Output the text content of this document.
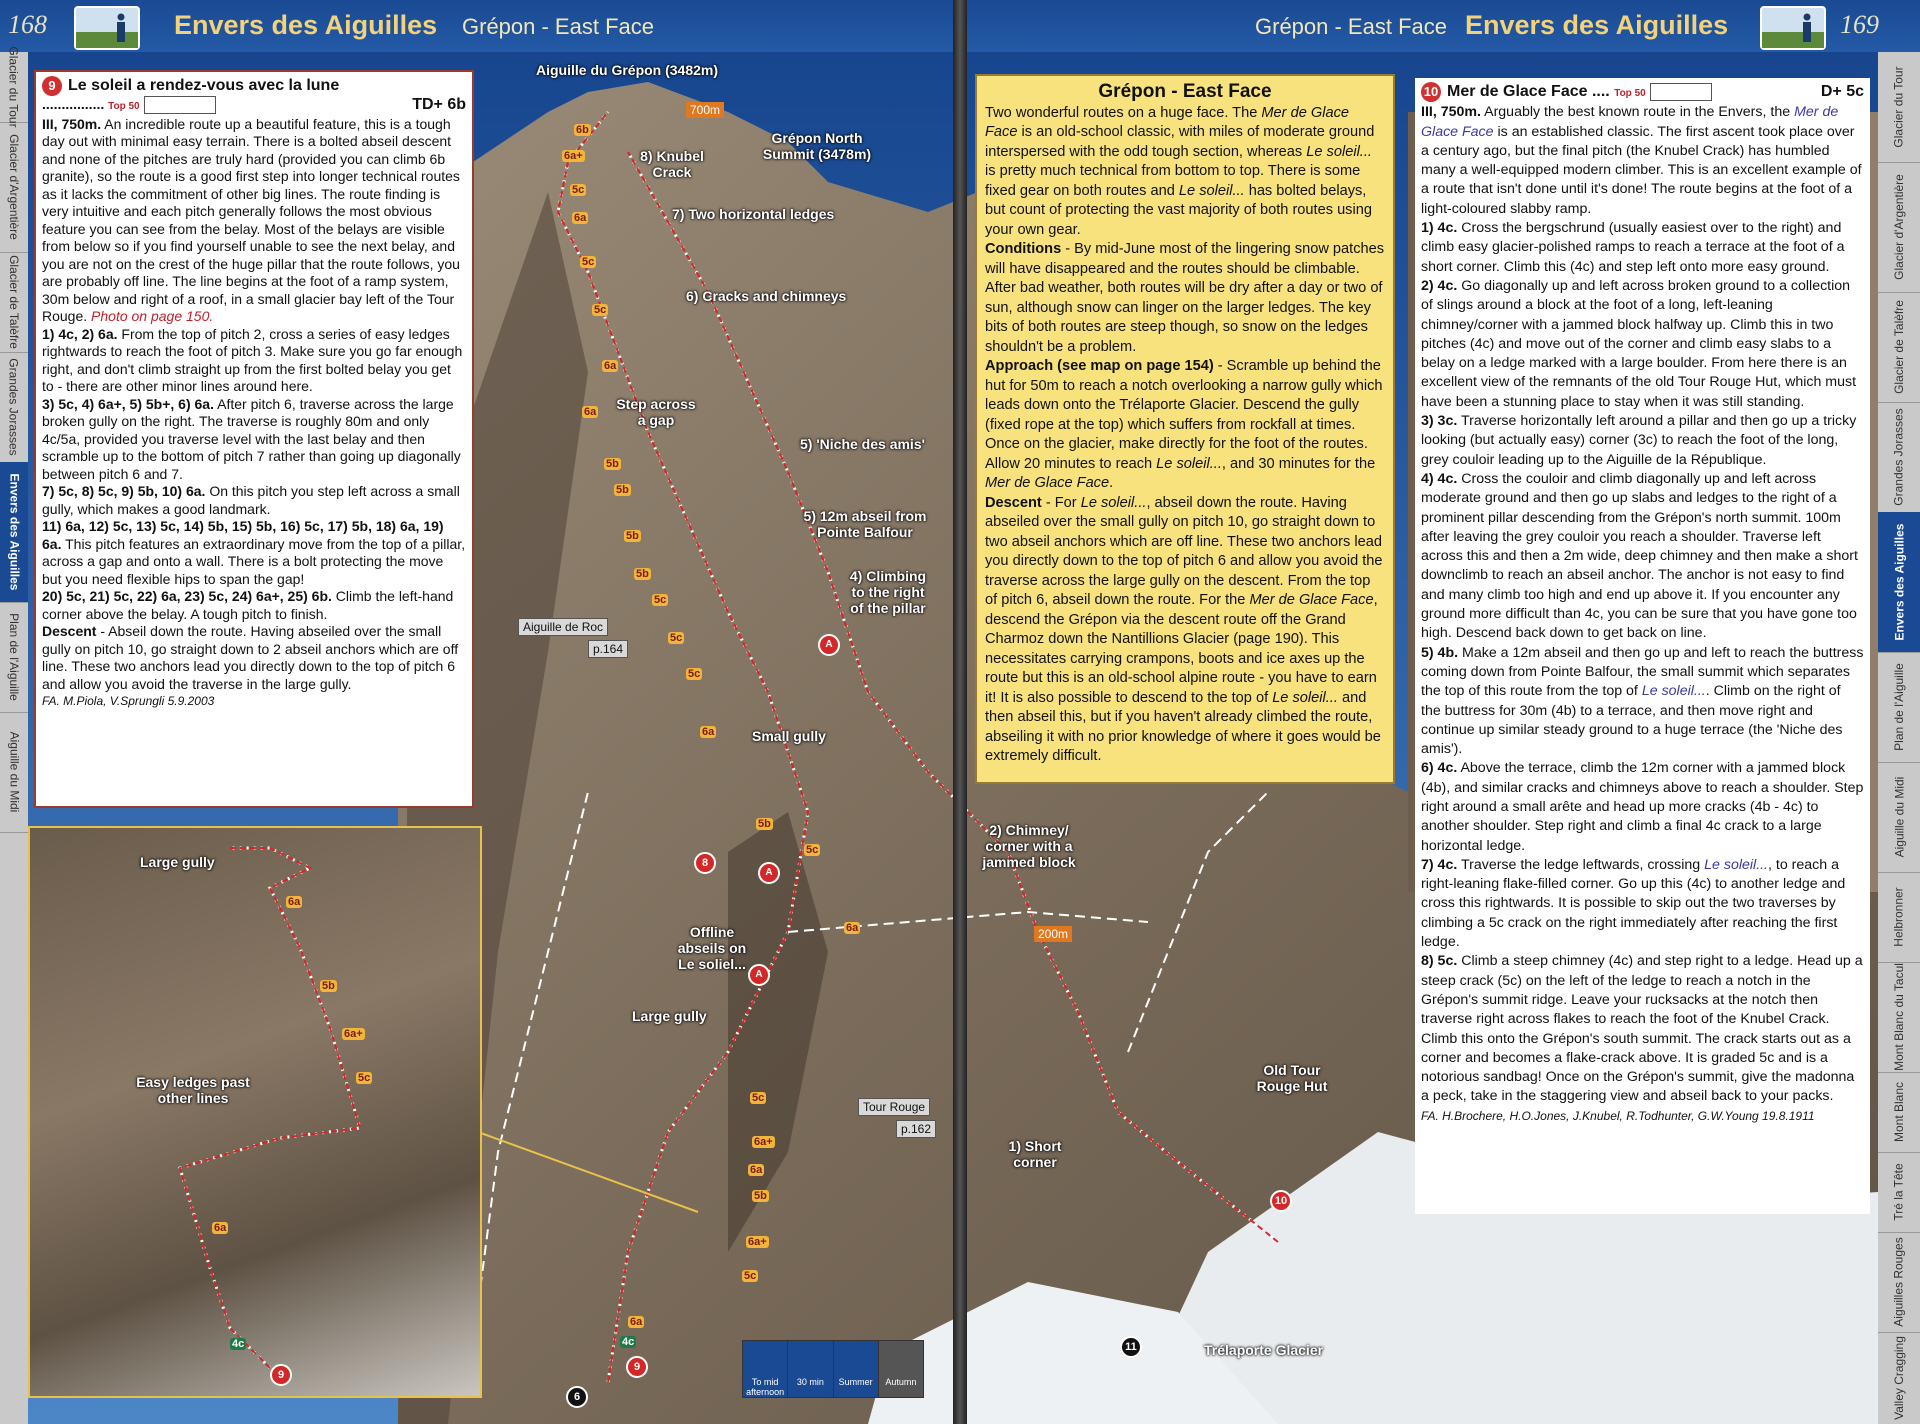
Large gully
Easy ledges past other lines
6a
5b
6a+
5c
6a
4c
9
168	Envers des Aiguilles Grépon - East Face	Grépon - East Face Envers des Aiguilles	169
Glacier du Tour
Glacier d'Argentière
Glacier de Talèfre
Grandes Jorasses
Envers des Aiguilles
Plan de l'Aiguille
Aiguille du Midi
Glacier du Tour
Glacier d'Argentière
Glacier de Talèfre
Grandes Jorasses
Envers des Aiguilles
Plan de l'Aiguille
Aiguille du Midi
Helbronner
Mont Blanc du Tacul
Mont Blanc
Tré la Tête
Aiguilles Rouges
Valley Cragging

9 Le soleil a rendez-vous avec la lune

................ Top 50	TD+ 6b

III, 750m. An incredible route up a beautiful feature, this is a tough day out with minimal easy terrain. There is a bolted abseil descent and none of the pitches are truly hard (provided you can climb 6b granite), so the route is a good first step into longer technical routes as it lacks the commitment of other big lines. The route finding is very intuitive and each pitch generally follows the most obvious feature you can see from the belay. Most of the belays are visible from below so if you find yourself unable to see the next belay, and you are not on the crest of the huge pillar that the route follows, you are probably off line. The line begins at the foot of a ramp system, 30m below and right of a roof, in a small glacier bay left of the Tour Rouge. Photo on page 150.

1) 4c, 2) 6a. From the top of pitch 2, cross a series of easy ledges rightwards to reach the foot of pitch 3. Make sure you go far enough right, and don't climb straight up from the first bolted belay you get to - there are other minor lines around here.

3) 5c, 4) 6a+, 5) 5b+, 6) 6a. After pitch 6, traverse across the large broken gully on the right. The traverse is roughly 80m and only 4c/5a, provided you traverse level with the last belay and then scramble up to the bottom of pitch 7 rather than going up diagonally between pitch 6 and 7.

7) 5c, 8) 5c, 9) 5b, 10) 6a. On this pitch you step left across a small gully, which makes a good landmark.

11) 6a, 12) 5c, 13) 5c, 14) 5b, 15) 5b, 16) 5c, 17) 5b, 18) 6a, 19) 6a. This pitch features an extraordinary move from the top of a pillar, across a gap and onto a wall. There is a bolt protecting the move but you need flexible hips to span the gap!

20) 5c, 21) 5c, 22) 6a, 23) 5c, 24) 6a+, 25) 6b. Climb the left-hand corner above the belay. A tough pitch to finish.

Descent - Abseil down the route. Having abseiled over the small gully on pitch 10, go straight down to 2 abseil anchors which are off line. These two anchors lead you directly down to the top of pitch 6 and allow you avoid the traverse in the large gully.

FA. M.Piola, V.Sprungli 5.9.2003

Grépon - East Face

Two wonderful routes on a huge face. The Mer de Glace Face is an old-school classic, with miles of moderate ground interspersed with the odd tough section, whereas Le soleil... is pretty much technical from bottom to top. There is some fixed gear on both routes and Le soleil... has bolted belays, but count of protecting the vast majority of both routes using your own gear.

Conditions - By mid-June most of the lingering snow patches will have disappeared and the routes should be climbable. After bad weather, both routes will be dry after a day or two of sun, although snow can linger on the larger ledges. The key bits of both routes are steep though, so snow on the ledges shouldn't be a problem.

Approach (see map on page 154) - Scramble up behind the hut for 50m to reach a notch overlooking a narrow gully which leads down onto the Trélaporte Glacier. Descend the gully (fixed rope at the top) which suffers from rockfall at times. Once on the glacier, make directly for the foot of the routes. Allow 20 minutes to reach Le soleil..., and 30 minutes for the Mer de Glace Face.

Descent - For Le soleil..., abseil down the route. Having abseiled over the small gully on pitch 10, go straight down to two abseil anchors which are off line. These two anchors lead you directly down to the top of pitch 6 and allow you avoid the traverse across the large gully on the descent. From the top of pitch 6, abseil down the route. For the Mer de Glace Face, descend the Grépon via the descent route off the Grand Charmoz down the Nantillions Glacier (page 190). This necessitates carrying crampons, boots and ice axes up the route but this is an old-school alpine route - you have to earn it! It is also possible to descend to the top of Le soleil... and then abseil this, but if you haven't already climbed the route, abseiling it with no prior knowledge of where it goes would be extremely difficult.

10 Mer de Glace Face .... Top 50	D+ 5c

III, 750m. Arguably the best known route in the Envers, the Mer de Glace Face is an established classic. The first ascent took place over a century ago, but the final pitch (the Knubel Crack) has humbled many a well-equipped modern climber. This is an excellent example of a route that isn't done until it's done! The route begins at the foot of a light-coloured slabby ramp.

1) 4c. Cross the bergschrund (usually easiest over to the right) and climb easy glacier-polished ramps to reach a terrace at the foot of a short corner. Climb this (4c) and step left onto more easy ground.

2) 4c. Go diagonally up and left across broken ground to a collection of slings around a block at the foot of a long, left-leaning chimney/corner with a jammed block halfway up. Climb this in two pitches (4c) and move out of the corner and climb easy slabs to a belay on a ledge marked with a large boulder. From here there is an excellent view of the remnants of the old Tour Rouge Hut, which must have been a stunning place to stay when it was still standing.

3) 3c. Traverse horizontally left around a pillar and then go up a tricky looking (but actually easy) corner (3c) to reach the foot of the long, grey couloir leading up to the Aiguille de la République.

4) 4c. Cross the couloir and climb diagonally up and left across moderate ground and then go up slabs and ledges to the right of a prominent pillar descending from the Grépon's north summit. 100m after leaving the grey couloir you reach a shoulder. Traverse left across this and then a 2m wide, deep chimney and then make a short downclimb to reach an abseil anchor. The anchor is not easy to find and many climb too high and end up above it. If you encounter any ground more difficult than 4c, you can be sure that you have gone too high. Descend back down to get back on line.

5) 4b. Make a 12m abseil and then go up and left to reach the buttress coming down from Pointe Balfour, the small summit which separates the top of this route from the top of Le soleil.... Climb on the right of the buttress for 30m (4b) to a terrace, and then move right and continue up similar steady ground to a huge terrace (the 'Niche des amis').

6) 4c. Above the terrace, climb the 12m corner with a jammed block (4b), and similar cracks and chimneys above to reach a shoulder. Step right around a small arête and head up more cracks (4b - 4c) to another shoulder. Step right and climb a final 4c crack to a large horizontal ledge.

7) 4c. Traverse the ledge leftwards, crossing Le soleil..., to reach a right-leaning flake-filled corner. Go up this (4c) to another ledge and cross this rightwards. It is possible to skip out the two traverses by climbing a 5c crack on the right immediately after reaching the first ledge.

8) 5c. Climb a steep chimney (4c) and step right to a ledge. Head up a steep crack (5c) on the left of the ledge to reach a notch in the Grépon's summit ridge. Leave your rucksacks at the notch then traverse right across flakes to reach the foot of the Knubel Crack. Climb this onto the Grépon's south summit. The crack starts out as a corner and becomes a flake-crack above. It is graded 5c and is a notorious sandbag! Once on the Grépon's summit, give the madonna a peck, take in the staggering view and abseil back to your packs.

FA. H.Brochere, H.O.Jones, J.Knubel, R.Todhunter, G.W.Young 19.8.1911

Aiguille du Grépon (3482m)
Grépon North Summit (3478m)
700m
8) Knubel Crack
7) Two horizontal ledges
6) Cracks and chimneys
Step across a gap
5) 'Niche des amis'
5) 12m abseil from Pointe Balfour
4) Climbing to the right of the pillar
Aiguille de Roc
p.164
Small gully
Offline abseils on Le soliel...
Large gully
Tour Rouge
p.162
2) Chimney/ corner with a jammed block
200m
Old Tour Rouge Hut
1) Short corner
Trélaporte Glacier
6b
6a+
5c
6a
5c
5c
6a
6a
5b
5b
5b
5b
5c
5c
5c
6a
5b
5c
6a
5c
6a+
6a
5b
6a+
5c
6a
4c
6
9
8
10
11
A
A
A
To mid afternoon
30 min	Summer	Autumn
